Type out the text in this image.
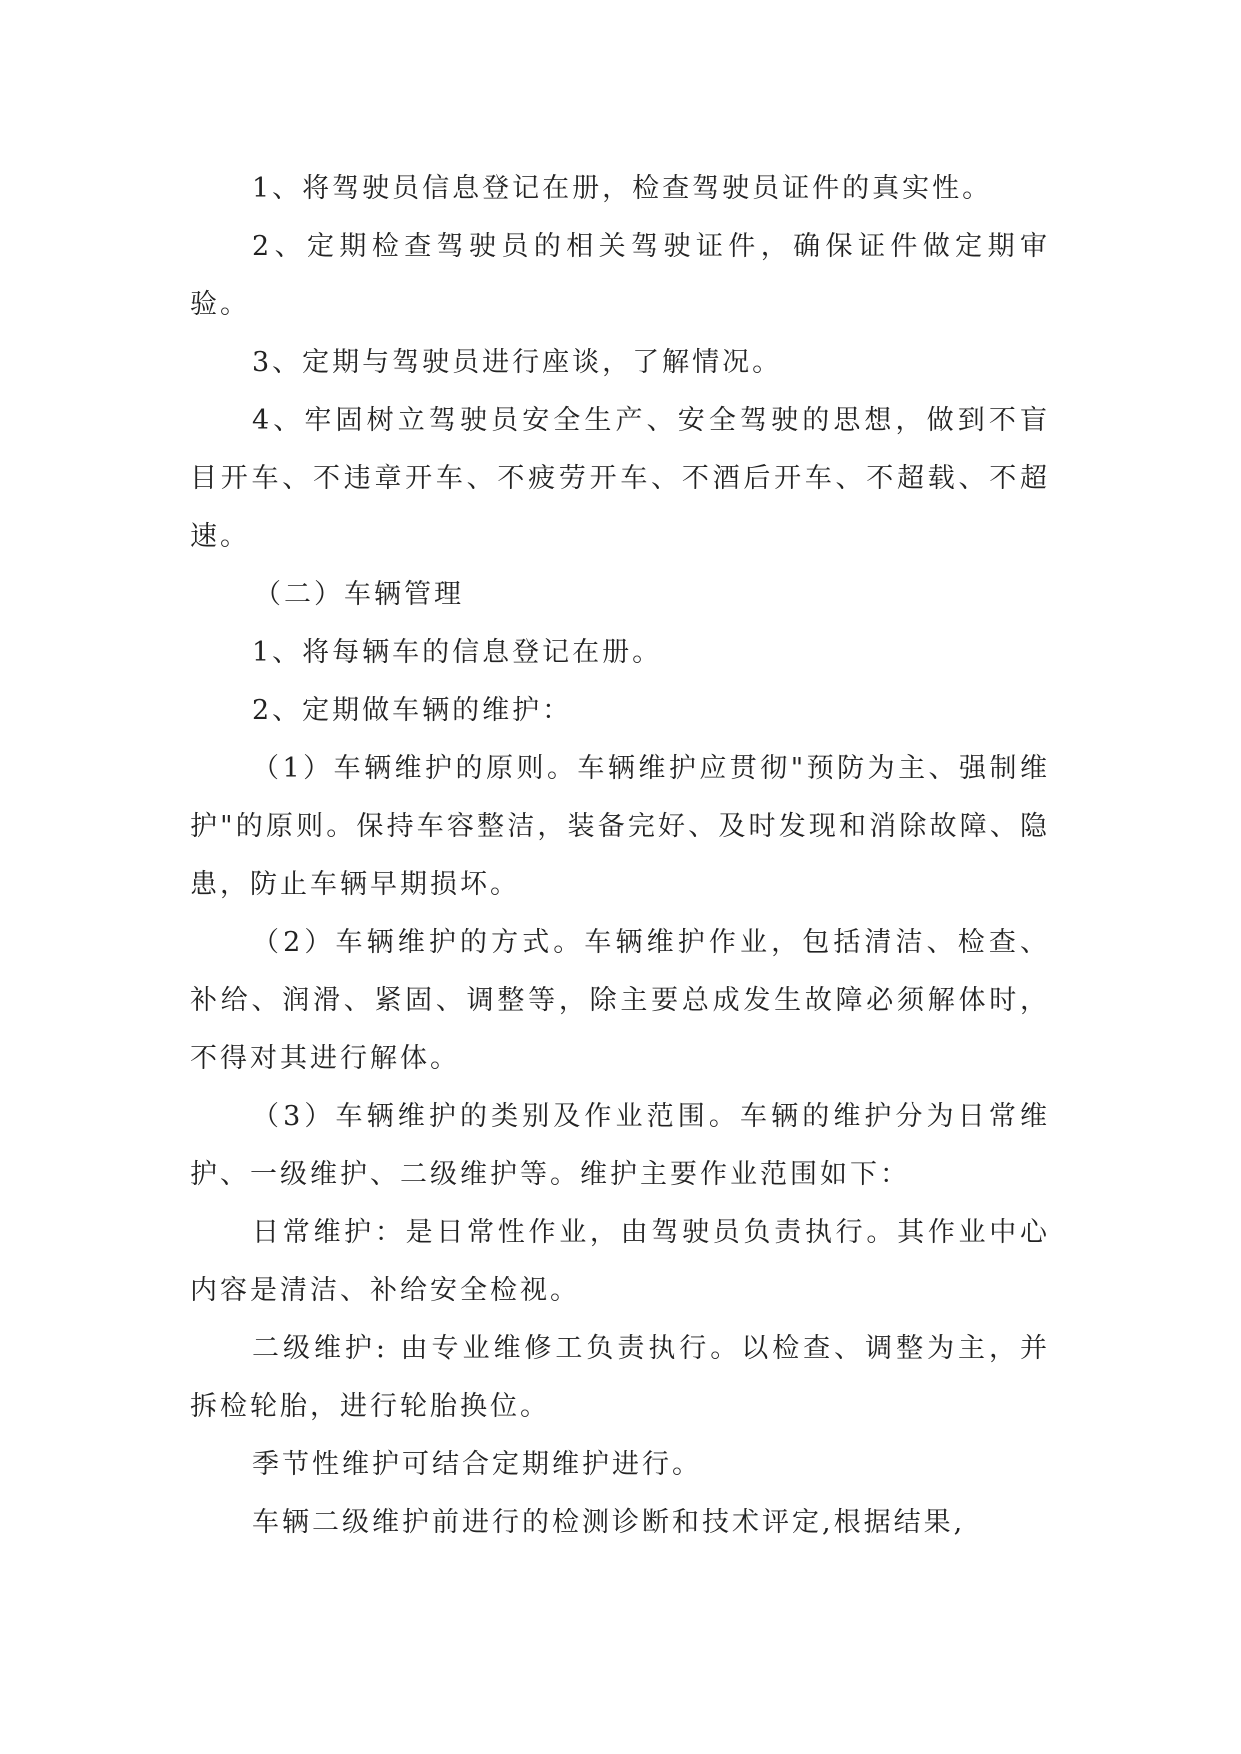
1、将驾驶员信息登记在册，检查驾驶员证件的真实性。

2、定期检查驾驶员的相关驾驶证件，确保证件做定期审验。

3、定期与驾驶员进行座谈，了解情况。

4、牢固树立驾驶员安全生产、安全驾驶的思想，做到不盲目开车、不违章开车、不疲劳开车、不酒后开车、不超载、不超速。

（二）车辆管理

1、将每辆车的信息登记在册。

2、定期做车辆的维护：

（1）车辆维护的原则。车辆维护应贯彻"预防为主、强制维护"的原则。保持车容整洁，装备完好、及时发现和消除故障、隐患，防止车辆早期损坏。

（2）车辆维护的方式。车辆维护作业，包括清洁、检查、补给、润滑、紧固、调整等，除主要总成发生故障必须解体时，不得对其进行解体。

（3）车辆维护的类别及作业范围。车辆的维护分为日常维护、一级维护、二级维护等。维护主要作业范围如下：

日常维护：是日常性作业，由驾驶员负责执行。其作业中心内容是清洁、补给安全检视。

二级维护: 由专业维修工负责执行。以检查、调整为主，并拆检轮胎，进行轮胎换位。

季节性维护可结合定期维护进行。

车辆二级维护前进行的检测诊断和技术评定,根据结果,
